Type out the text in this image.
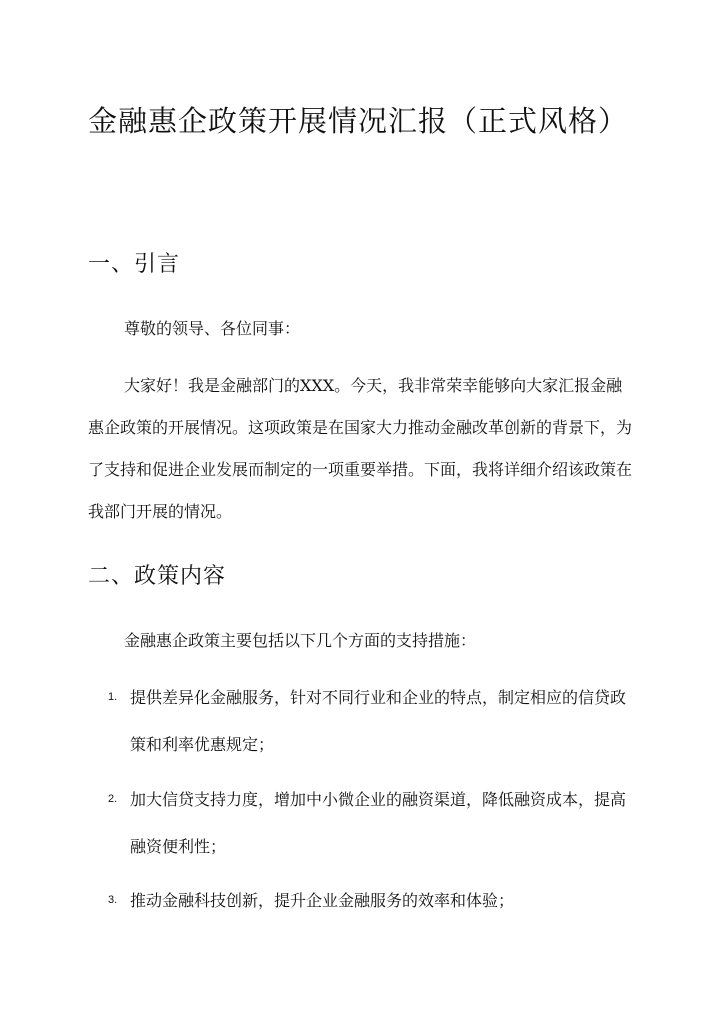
金融惠企政策开展情况汇报（正式风格）
一、引言

尊敬的领导、各位同事：

大家好！我是金融部门的XXX。今天，我非常荣幸能够向大家汇报金融惠企政策的开展情况。这项政策是在国家大力推动金融改革创新的背景下，为了支持和促进企业发展而制定的一项重要举措。下面，我将详细介绍该政策在我部门开展的情况。

二、政策内容

金融惠企政策主要包括以下几个方面的支持措施：

1. 提供差异化金融服务，针对不同行业和企业的特点，制定相应的信贷政策和利率优惠规定；
2. 加大信贷支持力度，增加中小微企业的融资渠道，降低融资成本，提高融资便利性；
3. 推动金融科技创新，提升企业金融服务的效率和体验；
